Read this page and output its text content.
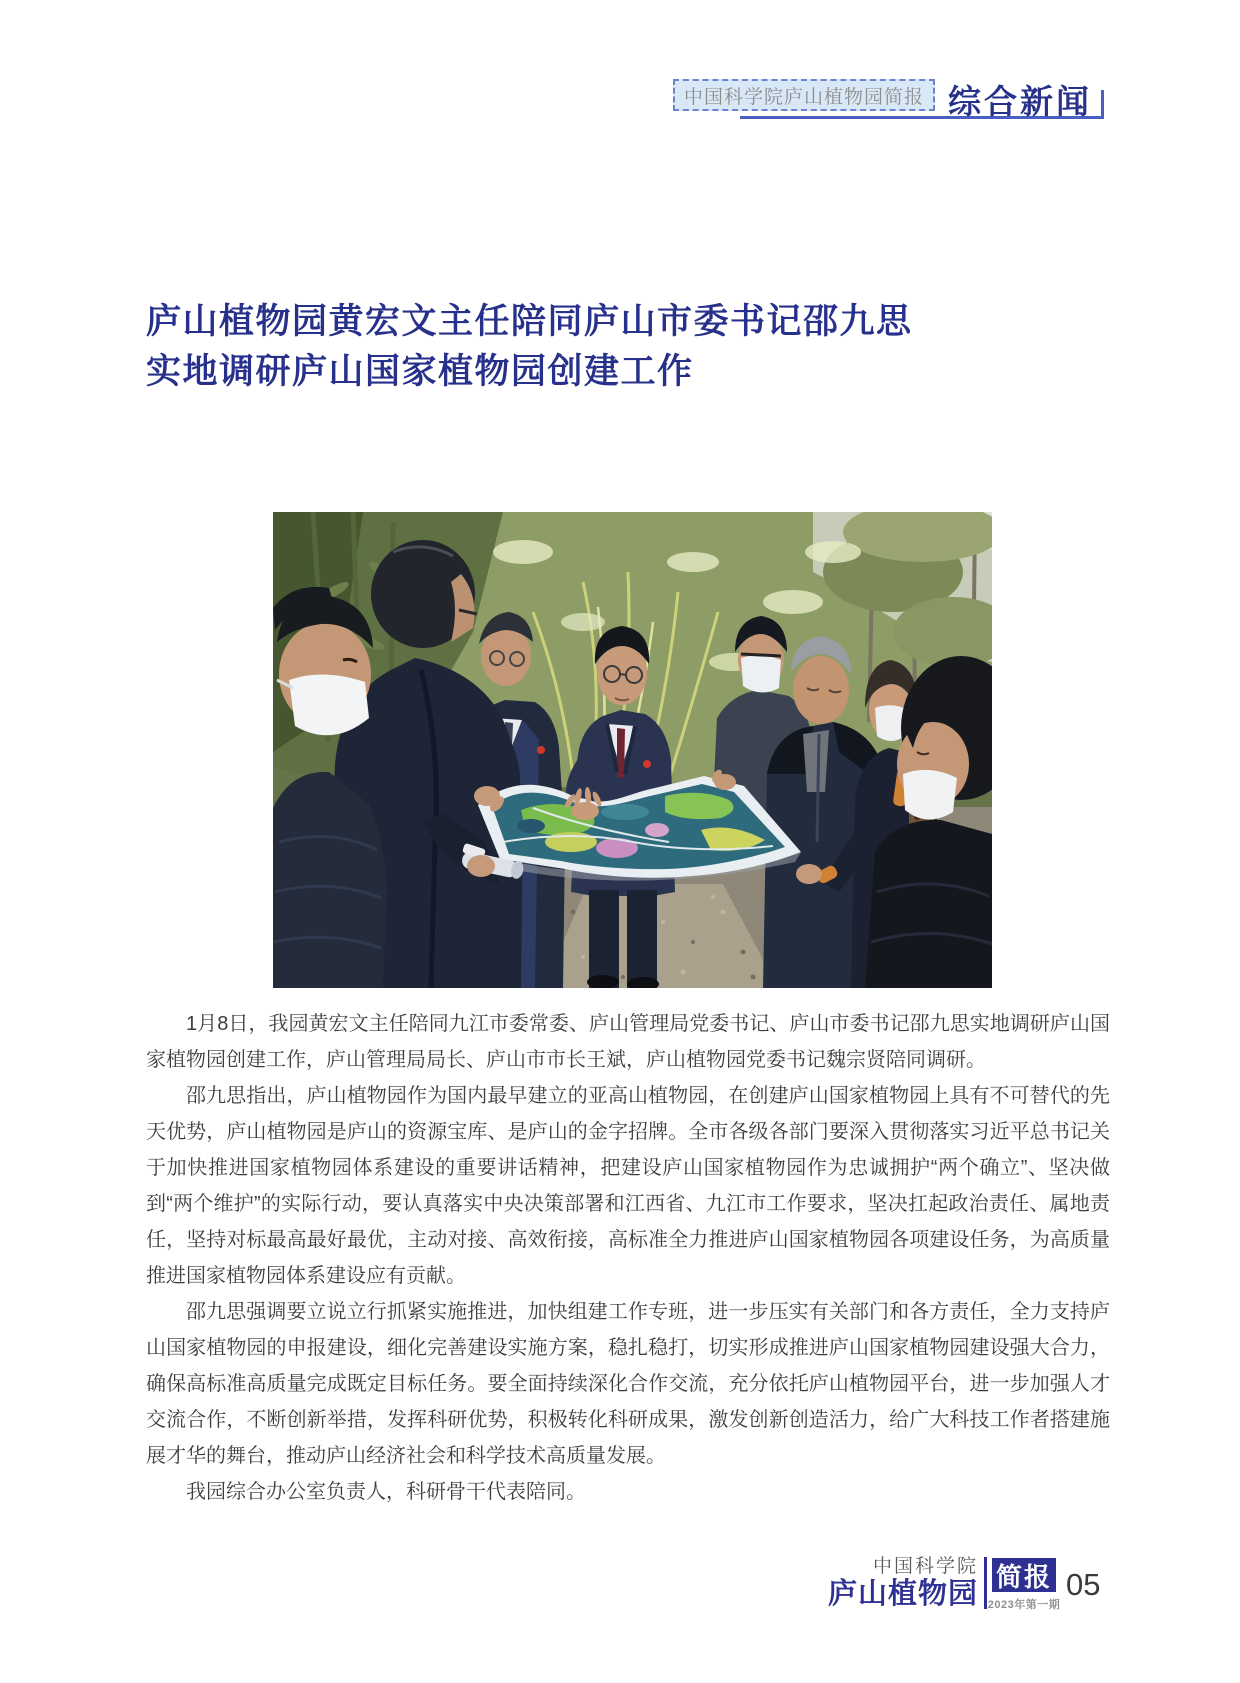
中国科学院庐山植物园简报 综合新闻
庐山植物园黄宏文主任陪同庐山市委书记邵九思
实地调研庐山国家植物园创建工作

1月8日，我园黄宏文主任陪同九江市委常委、庐山管理局党委书记、庐山市委书记邵九思实地调研庐山国家植物园创建工作，庐山管理局局长、庐山市市长王斌，庐山植物园党委书记魏宗贤陪同调研。

邵九思指出，庐山植物园作为国内最早建立的亚高山植物园，在创建庐山国家植物园上具有不可替代的先天优势，庐山植物园是庐山的资源宝库、是庐山的金字招牌。全市各级各部门要深入贯彻落实习近平总书记关于加快推进国家植物园体系建设的重要讲话精神，把建设庐山国家植物园作为忠诚拥护“两个确立”、坚决做到“两个维护”的实际行动，要认真落实中央决策部署和江西省、九江市工作要求，坚决扛起政治责任、属地责任，坚持对标最高最好最优，主动对接、高效衔接，高标准全力推进庐山国家植物园各项建设任务，为高质量推进国家植物园体系建设应有贡献。

邵九思强调要立说立行抓紧实施推进，加快组建工作专班，进一步压实有关部门和各方责任，全力支持庐山国家植物园的申报建设，细化完善建设实施方案，稳扎稳打，切实形成推进庐山国家植物园建设强大合力，确保高标准高质量完成既定目标任务。要全面持续深化合作交流，充分依托庐山植物园平台，进一步加强人才交流合作，不断创新举措，发挥科研优势，积极转化科研成果，激发创新创造活力，给广大科技工作者搭建施展才华的舞台，推动庐山经济社会和科学技术高质量发展。

我园综合办公室负责人，科研骨干代表陪同。

中国科学院
庐山植物园
简报
2023年第一期
05
